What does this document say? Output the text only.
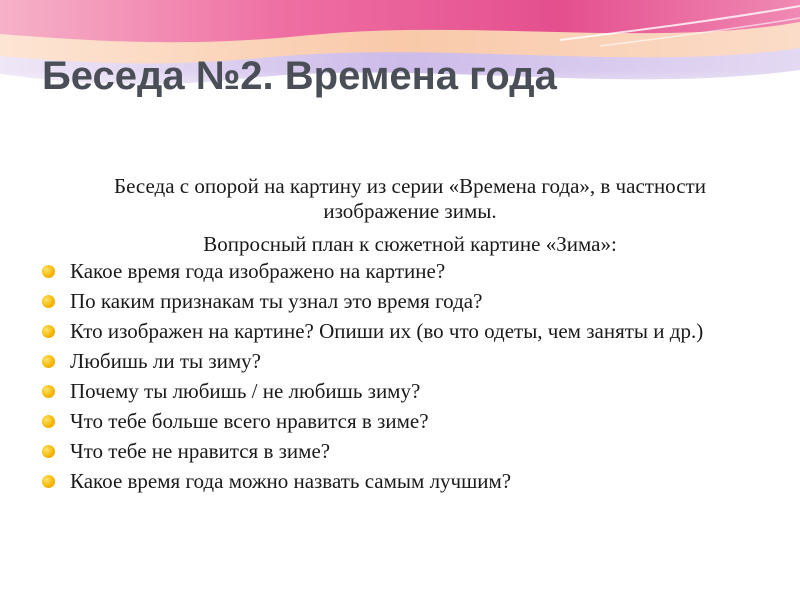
Беседа №2. Времена года

Беседа с опорой на картину из серии «Времена года», в частности изображение зимы.

Вопросный план к сюжетной картине «Зима»:

Какое время года изображено на картине?
По каким признакам ты узнал это время года?
Кто изображен на картине? Опиши их (во что одеты, чем заняты и др.)
Любишь ли ты зиму?
Почему ты любишь / не любишь зиму?
Что тебе больше всего нравится в зиме?
Что тебе не нравится в зиме?
Какое время года можно назвать самым лучшим?
